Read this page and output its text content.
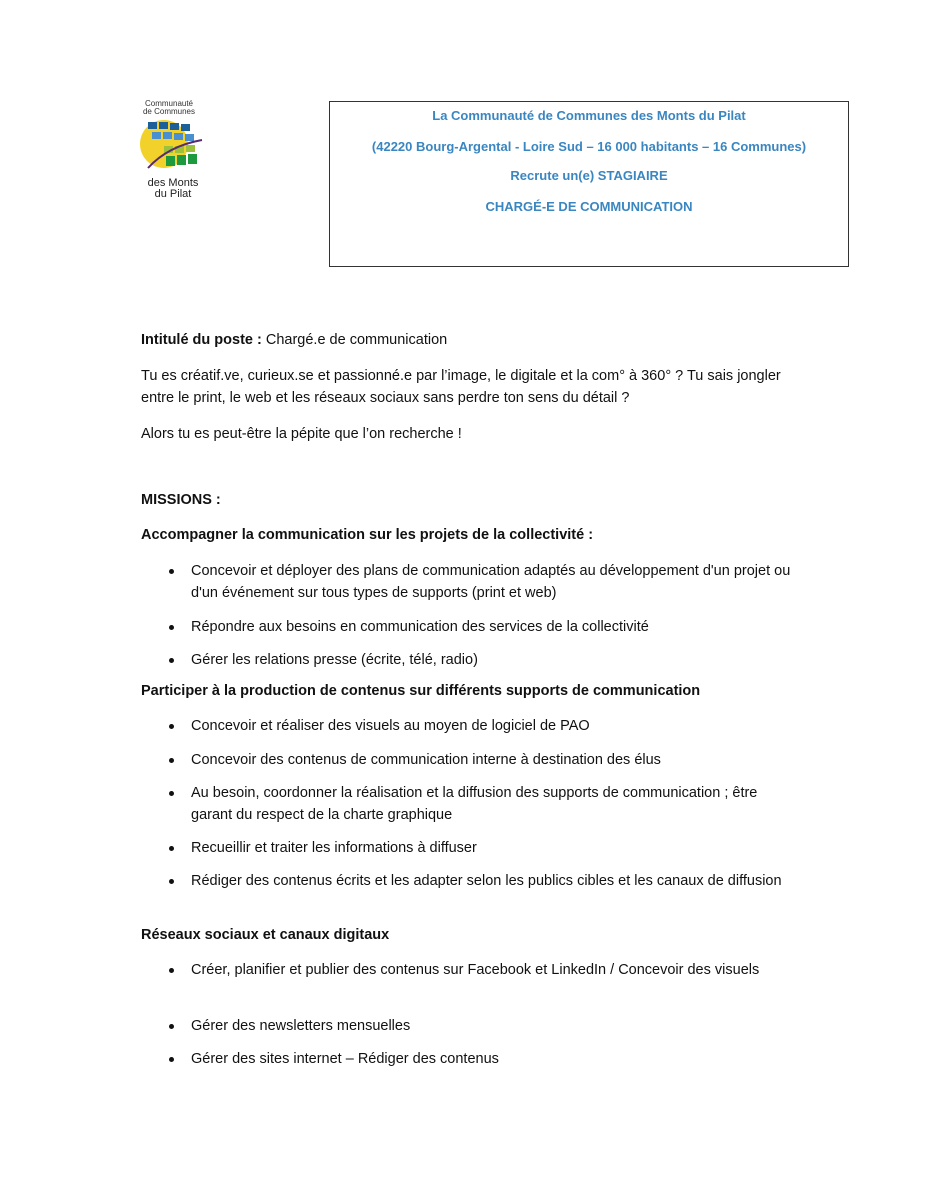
Communauté
de Communes
des Monts
du Pilat
La Communauté de Communes des Monts du Pilat
(42220 Bourg-Argental - Loire Sud – 16 000 habitants – 16 Communes)
Recrute un(e) STAGIAIRE
CHARGÉ-E DE COMMUNICATION
Intitulé du poste : Chargé.e de communication
Tu es créatif.ve, curieux.se et passionné.e par l’image, le digitale et la com° à 360° ? Tu sais jongler entre le print, le web et les réseaux sociaux sans perdre ton sens du détail ?
Alors tu es peut-être la pépite que l’on recherche !
MISSIONS :
Accompagner la communication sur les projets de la collectivité :
Concevoir et déployer des plans de communication adaptés au développement d'un projet ou d'un événement sur tous types de supports (print et web)
Répondre aux besoins en communication des services de la collectivité
Gérer les relations presse (écrite, télé, radio)
Participer à la production de contenus sur différents supports de communication
Concevoir et réaliser des visuels au moyen de logiciel de PAO
Concevoir des contenus de communication interne à destination des élus
Au besoin, coordonner la réalisation et la diffusion des supports de communication ; être garant du respect de la charte graphique
Recueillir et traiter les informations à diffuser
Rédiger des contenus écrits et les adapter selon les publics cibles et les canaux de diffusion
Réseaux sociaux et canaux digitaux
Créer, planifier et publier des contenus sur Facebook et LinkedIn / Concevoir des visuels
Gérer des newsletters mensuelles
Gérer des sites internet – Rédiger des contenus
